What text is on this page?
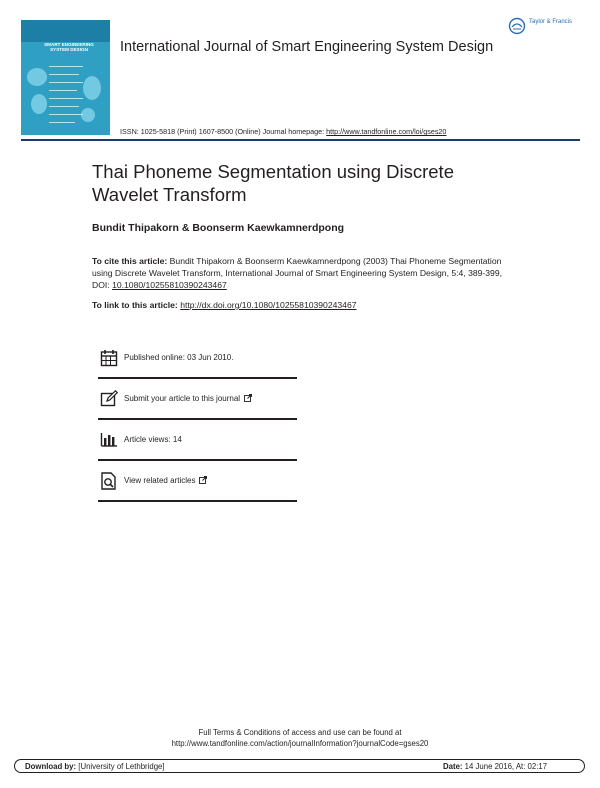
SMART ENGINEERING SYSTEM DESIGN	International Journal of Smart Engineering System Design
Taylor & Francis
ISSN: 1025-5818 (Print) 1607-8500 (Online) Journal homepage: http://www.tandfonline.com/loi/gses20
Thai Phoneme Segmentation using Discrete Wavelet Transform
Bundit Thipakorn & Boonserm Kaewkamnerdpong
To cite this article: Bundit Thipakorn & Boonserm Kaewkamnerdpong (2003) Thai Phoneme Segmentation using Discrete Wavelet Transform, International Journal of Smart Engineering System Design, 5:4, 389-399, DOI: 10.1080/10255810390243467
To link to this article: http://dx.doi.org/10.1080/10255810390243467
Published online: 03 Jun 2010.
Submit your article to this journal
Article views: 14
View related articles
Full Terms & Conditions of access and use can be found at
http://www.tandfonline.com/action/journalInformation?journalCode=gses20
Download by: [University of Lethbridge]	Date: 14 June 2016, At: 02:17
